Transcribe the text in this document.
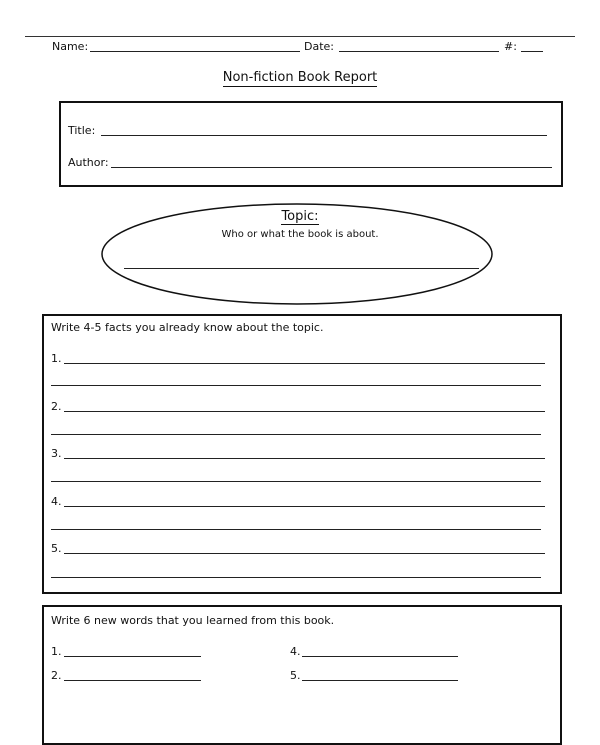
Name:	Date:	#:
Non-fiction Book Report
Title:
Author:
Topic:
Who or what the book is about.
Write 4-5 facts you already know about the topic.
1.
2.
3.
4.
5.
Write 6 new words that you learned from this book.
1.	4.
2.	5.
